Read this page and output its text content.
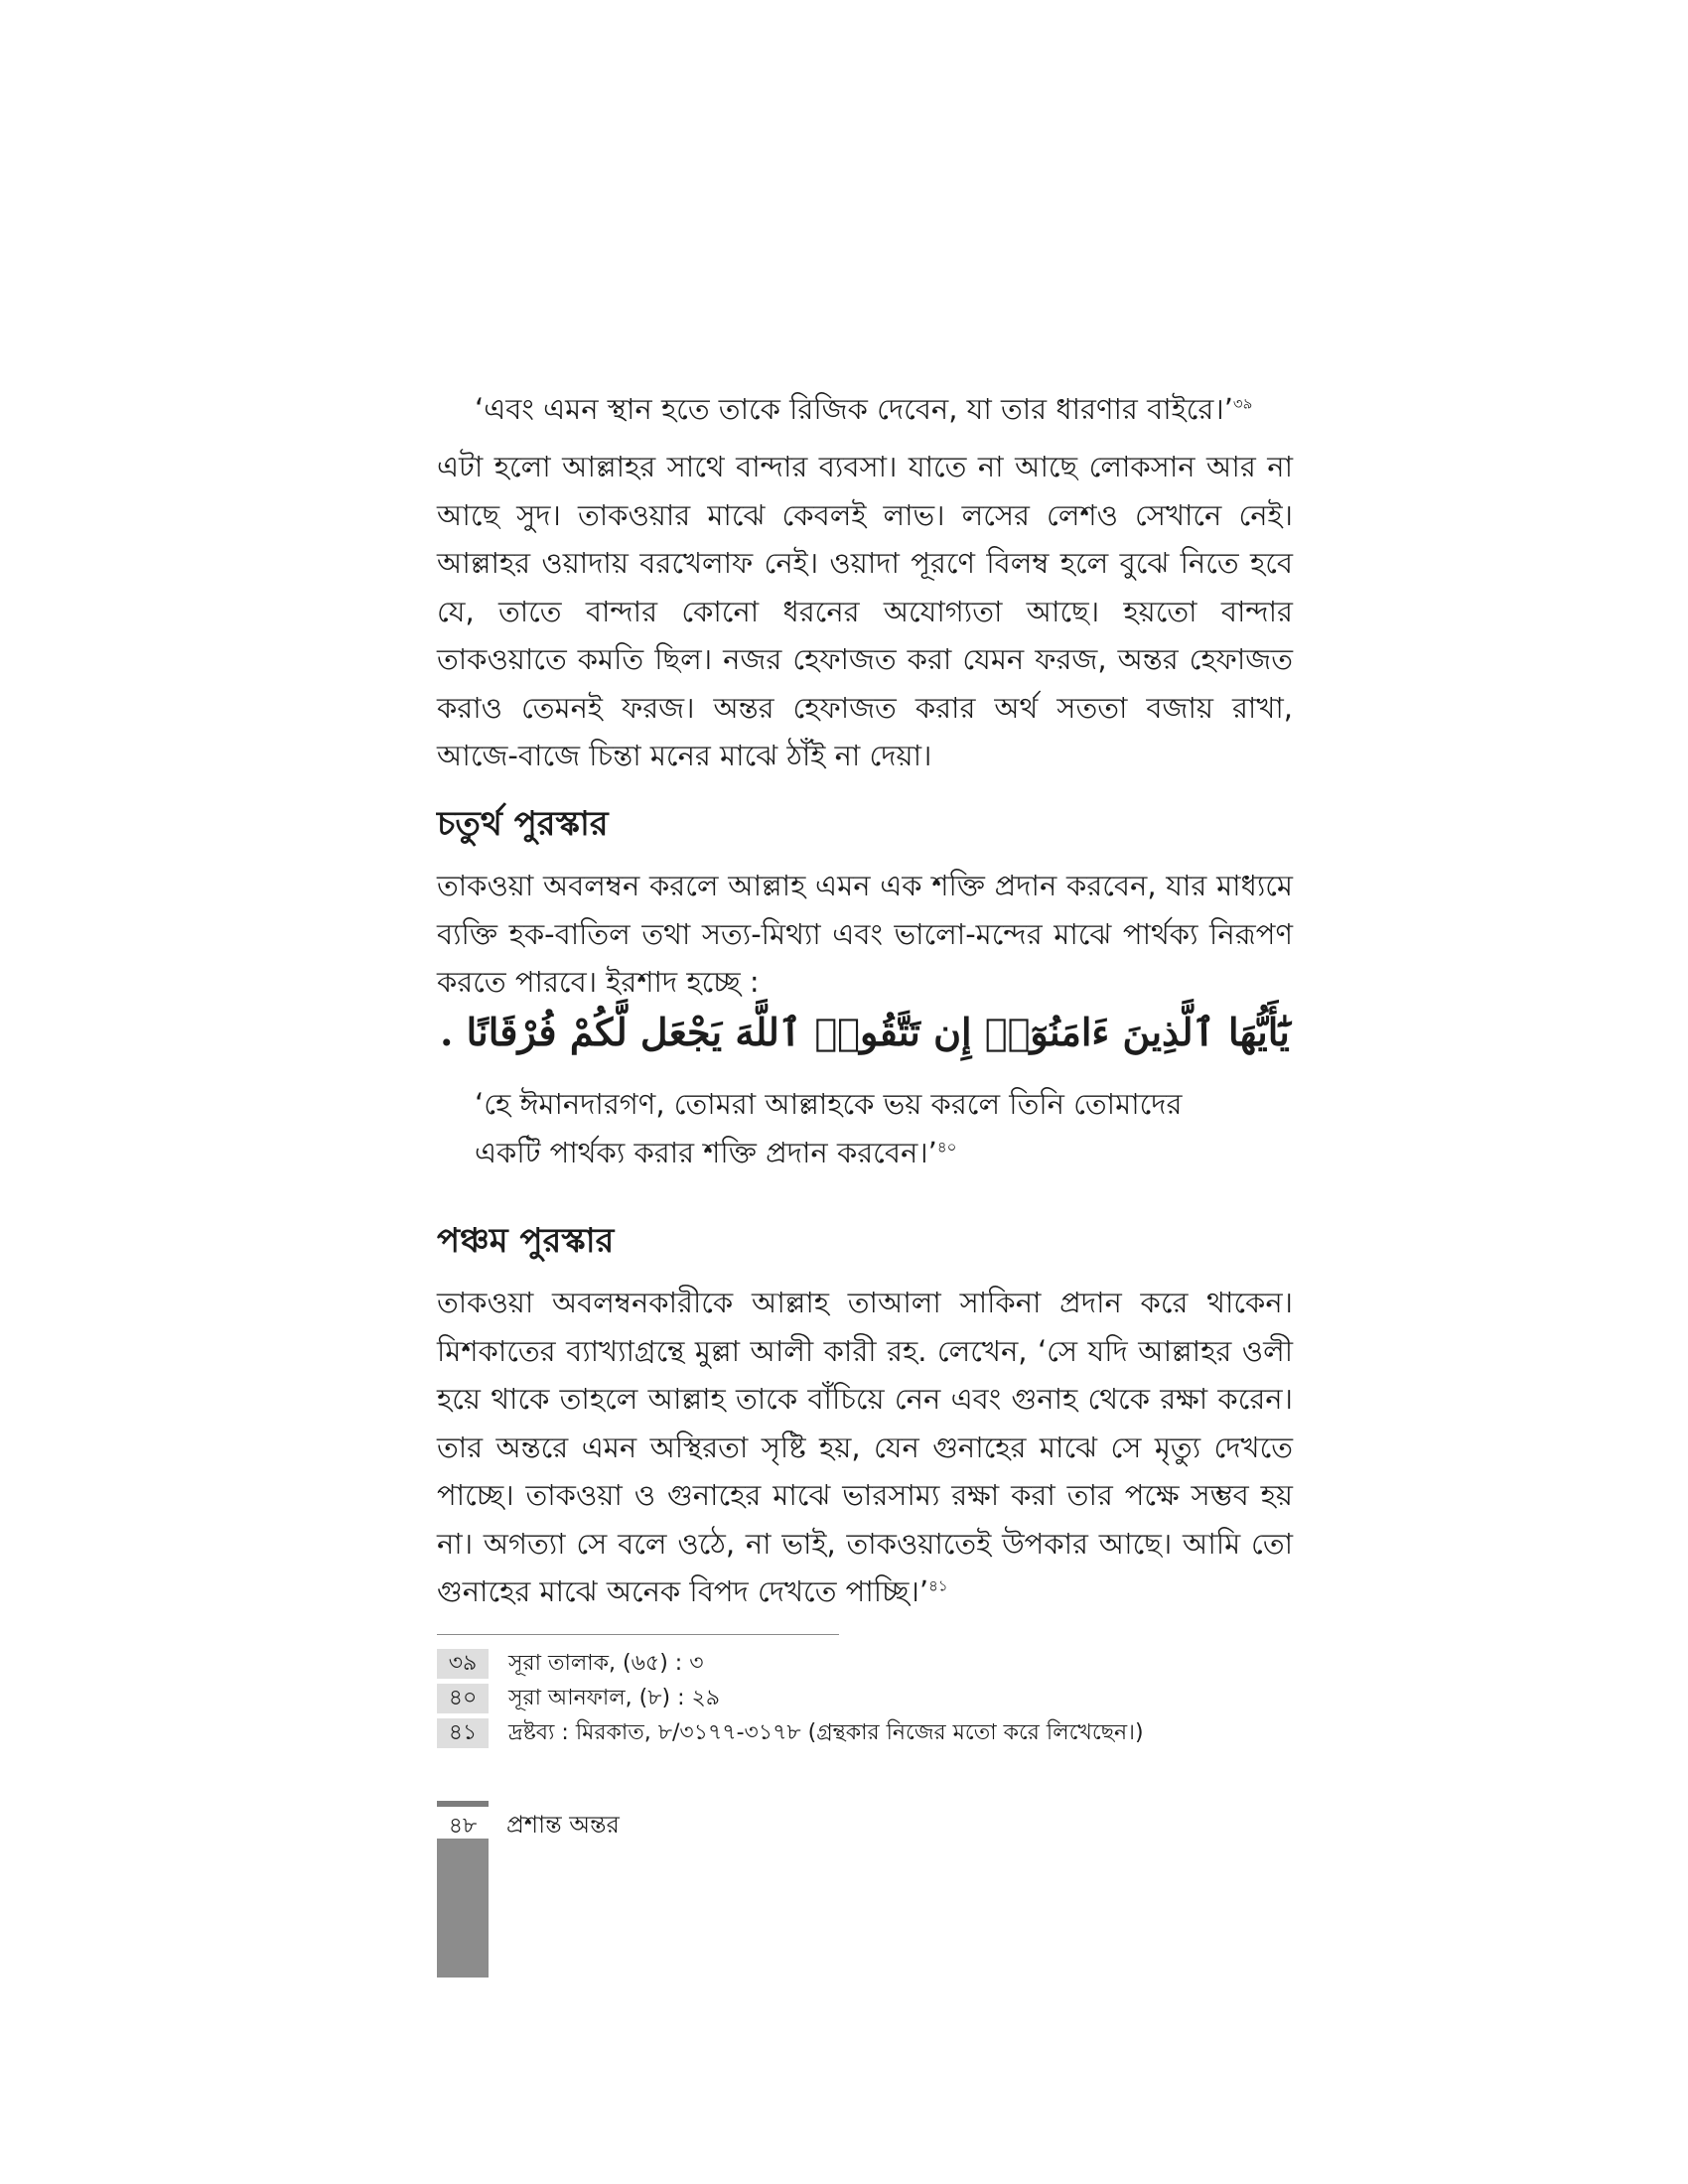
‘এবং এমন স্থান হতে তাকে রিজিক দেবেন, যা তার ধারণার বাইরে।’$^{৩৯}$

এটা হলো আল্লাহর সাথে বান্দার ব্যবসা। যাতে না আছে লোকসান আর না আছে সুদ। তাকওয়ার মাঝে কেবলই লাভ। লসের লেশও সেখানে নেই। আল্লাহর ওয়াদায় বরখেলাফ নেই। ওয়াদা পূরণে বিলম্ব হলে বুঝে নিতে হবে যে, তাতে বান্দার কোনো ধরনের অযোগ্যতা আছে। হয়তো বান্দার তাকওয়াতে কমতি ছিল। নজর হেফাজত করা যেমন ফরজ, অন্তর হেফাজত করাও তেমনই ফরজ। অন্তর হেফাজত করার অর্থ সততা বজায় রাখা, আজে-বাজে চিন্তা মনের মাঝে ঠাঁই না দেয়া।

চতুর্থ পুরস্কার

তাকওয়া অবলম্বন করলে আল্লাহ এমন এক শক্তি প্রদান করবেন, যার মাধ্যমে ব্যক্তি হক-বাতিল তথা সত্য-মিথ্যা এবং ভালো-মন্দের মাঝে পার্থক্য নিরূপণ করতে পারবে। ইরশাদ হচ্ছে :

يَٰٓأَيُّهَا ٱلَّذِينَ ءَامَنُوٓا۟ إِن تَتَّقُوا۟ ٱللَّهَ يَجْعَل لَّكُمْ فُرْقَانًا .

‘হে ঈমানদারগণ, তোমরা আল্লাহকে ভয় করলে তিনি তোমাদের একটি পার্থক্য করার শক্তি প্রদান করবেন।’$^{৪০}$

পঞ্চম পুরস্কার

তাকওয়া অবলম্বনকারীকে আল্লাহ তাআলা সাকিনা প্রদান করে থাকেন। মিশকাতের ব্যাখ্যাগ্রন্থে মুল্লা আলী কারী রহ. লেখেন, ‘সে যদি আল্লাহর ওলী হয়ে থাকে তাহলে আল্লাহ তাকে বাঁচিয়ে নেন এবং গুনাহ থেকে রক্ষা করেন। তার অন্তরে এমন অস্থিরতা সৃষ্টি হয়, যেন গুনাহের মাঝে সে মৃত্যু দেখতে পাচ্ছে। তাকওয়া ও গুনাহের মাঝে ভারসাম্য রক্ষা করা তার পক্ষে সম্ভব হয় না। অগত্যা সে বলে ওঠে, না ভাই, তাকওয়াতেই উপকার আছে। আমি তো গুনাহের মাঝে অনেক বিপদ দেখতে পাচ্ছি।’$^{৪১}$

৩৯	সূরা তালাক, (৬৫) : ৩
৪০	সূরা আনফাল, (৮) : ২৯
৪১	দ্রষ্টব্য : মিরকাত, ৮/৩১৭৭-৩১৭৮ (গ্রন্থকার নিজের মতো করে লিখেছেন।)
৪৮	প্রশান্ত অন্তর
